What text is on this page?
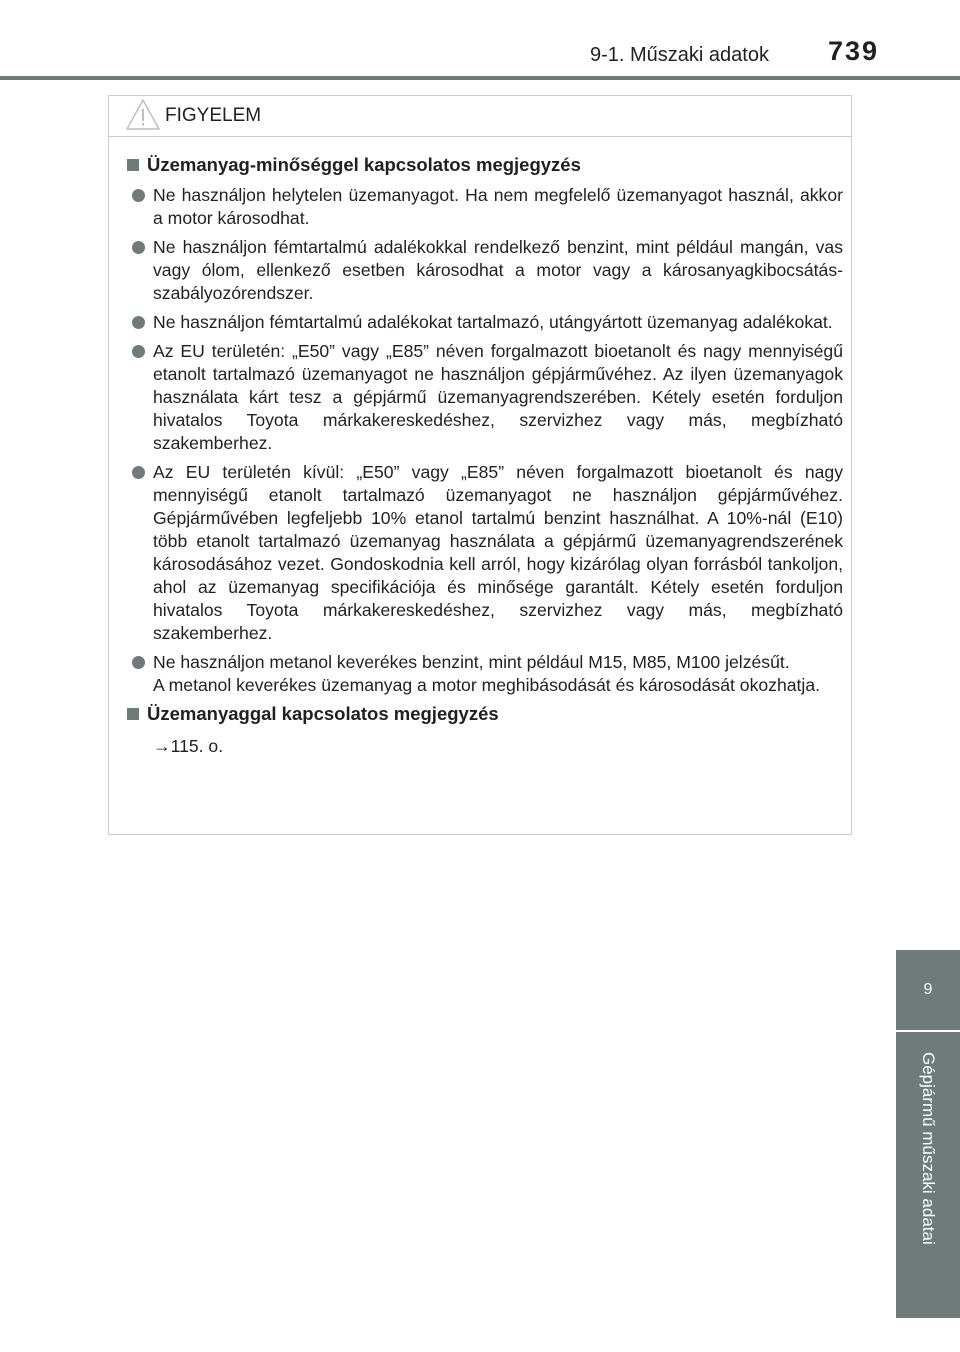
9-1. Műszaki adatok 739
9
Gépjármű műszaki adatai
FIGYELEM
Üzemanyag-minőséggel kapcsolatos megjegyzés
Ne használjon helytelen üzemanyagot. Ha nem megfelelő üzemanyagot használ, akkor a motor károsodhat.
Ne használjon fémtartalmú adalékokkal rendelkező benzint, mint például mangán, vas vagy ólom, ellenkező esetben károsodhat a motor vagy a károsanyagkibocsátás-szabályozórendszer.
Ne használjon fémtartalmú adalékokat tartalmazó, utángyártott üzemanyag adalékokat.
Az EU területén: „E50” vagy „E85” néven forgalmazott bioetanolt és nagy mennyiségű etanolt tartalmazó üzemanyagot ne használjon gépjárművéhez. Az ilyen üzemanyagok használata kárt tesz a gépjármű üzemanyagrendszerében. Kétely esetén forduljon hivatalos Toyota márkakereskedéshez, szervizhez vagy más, megbízható szakemberhez.
Az EU területén kívül: „E50” vagy „E85” néven forgalmazott bioetanolt és nagy mennyiségű etanolt tartalmazó üzemanyagot ne használjon gépjárművéhez. Gépjárművében legfeljebb 10% etanol tartalmú benzint használhat. A 10%-nál (E10) több etanolt tartalmazó üzemanyag használata a gépjármű üzemanyagrendszerének károsodásához vezet. Gondoskodnia kell arról, hogy kizárólag olyan forrásból tankoljon, ahol az üzemanyag specifikációja és minősége garantált. Kétely esetén forduljon hivatalos Toyota márkakereskedéshez, szervizhez vagy más, megbízható szakemberhez.
Ne használjon metanol keverékes benzint, mint például M15, M85, M100 jelzésűt.
A metanol keverékes üzemanyag a motor meghibásodását és károsodását okozhatja.
Üzemanyaggal kapcsolatos megjegyzés
→115. o.
